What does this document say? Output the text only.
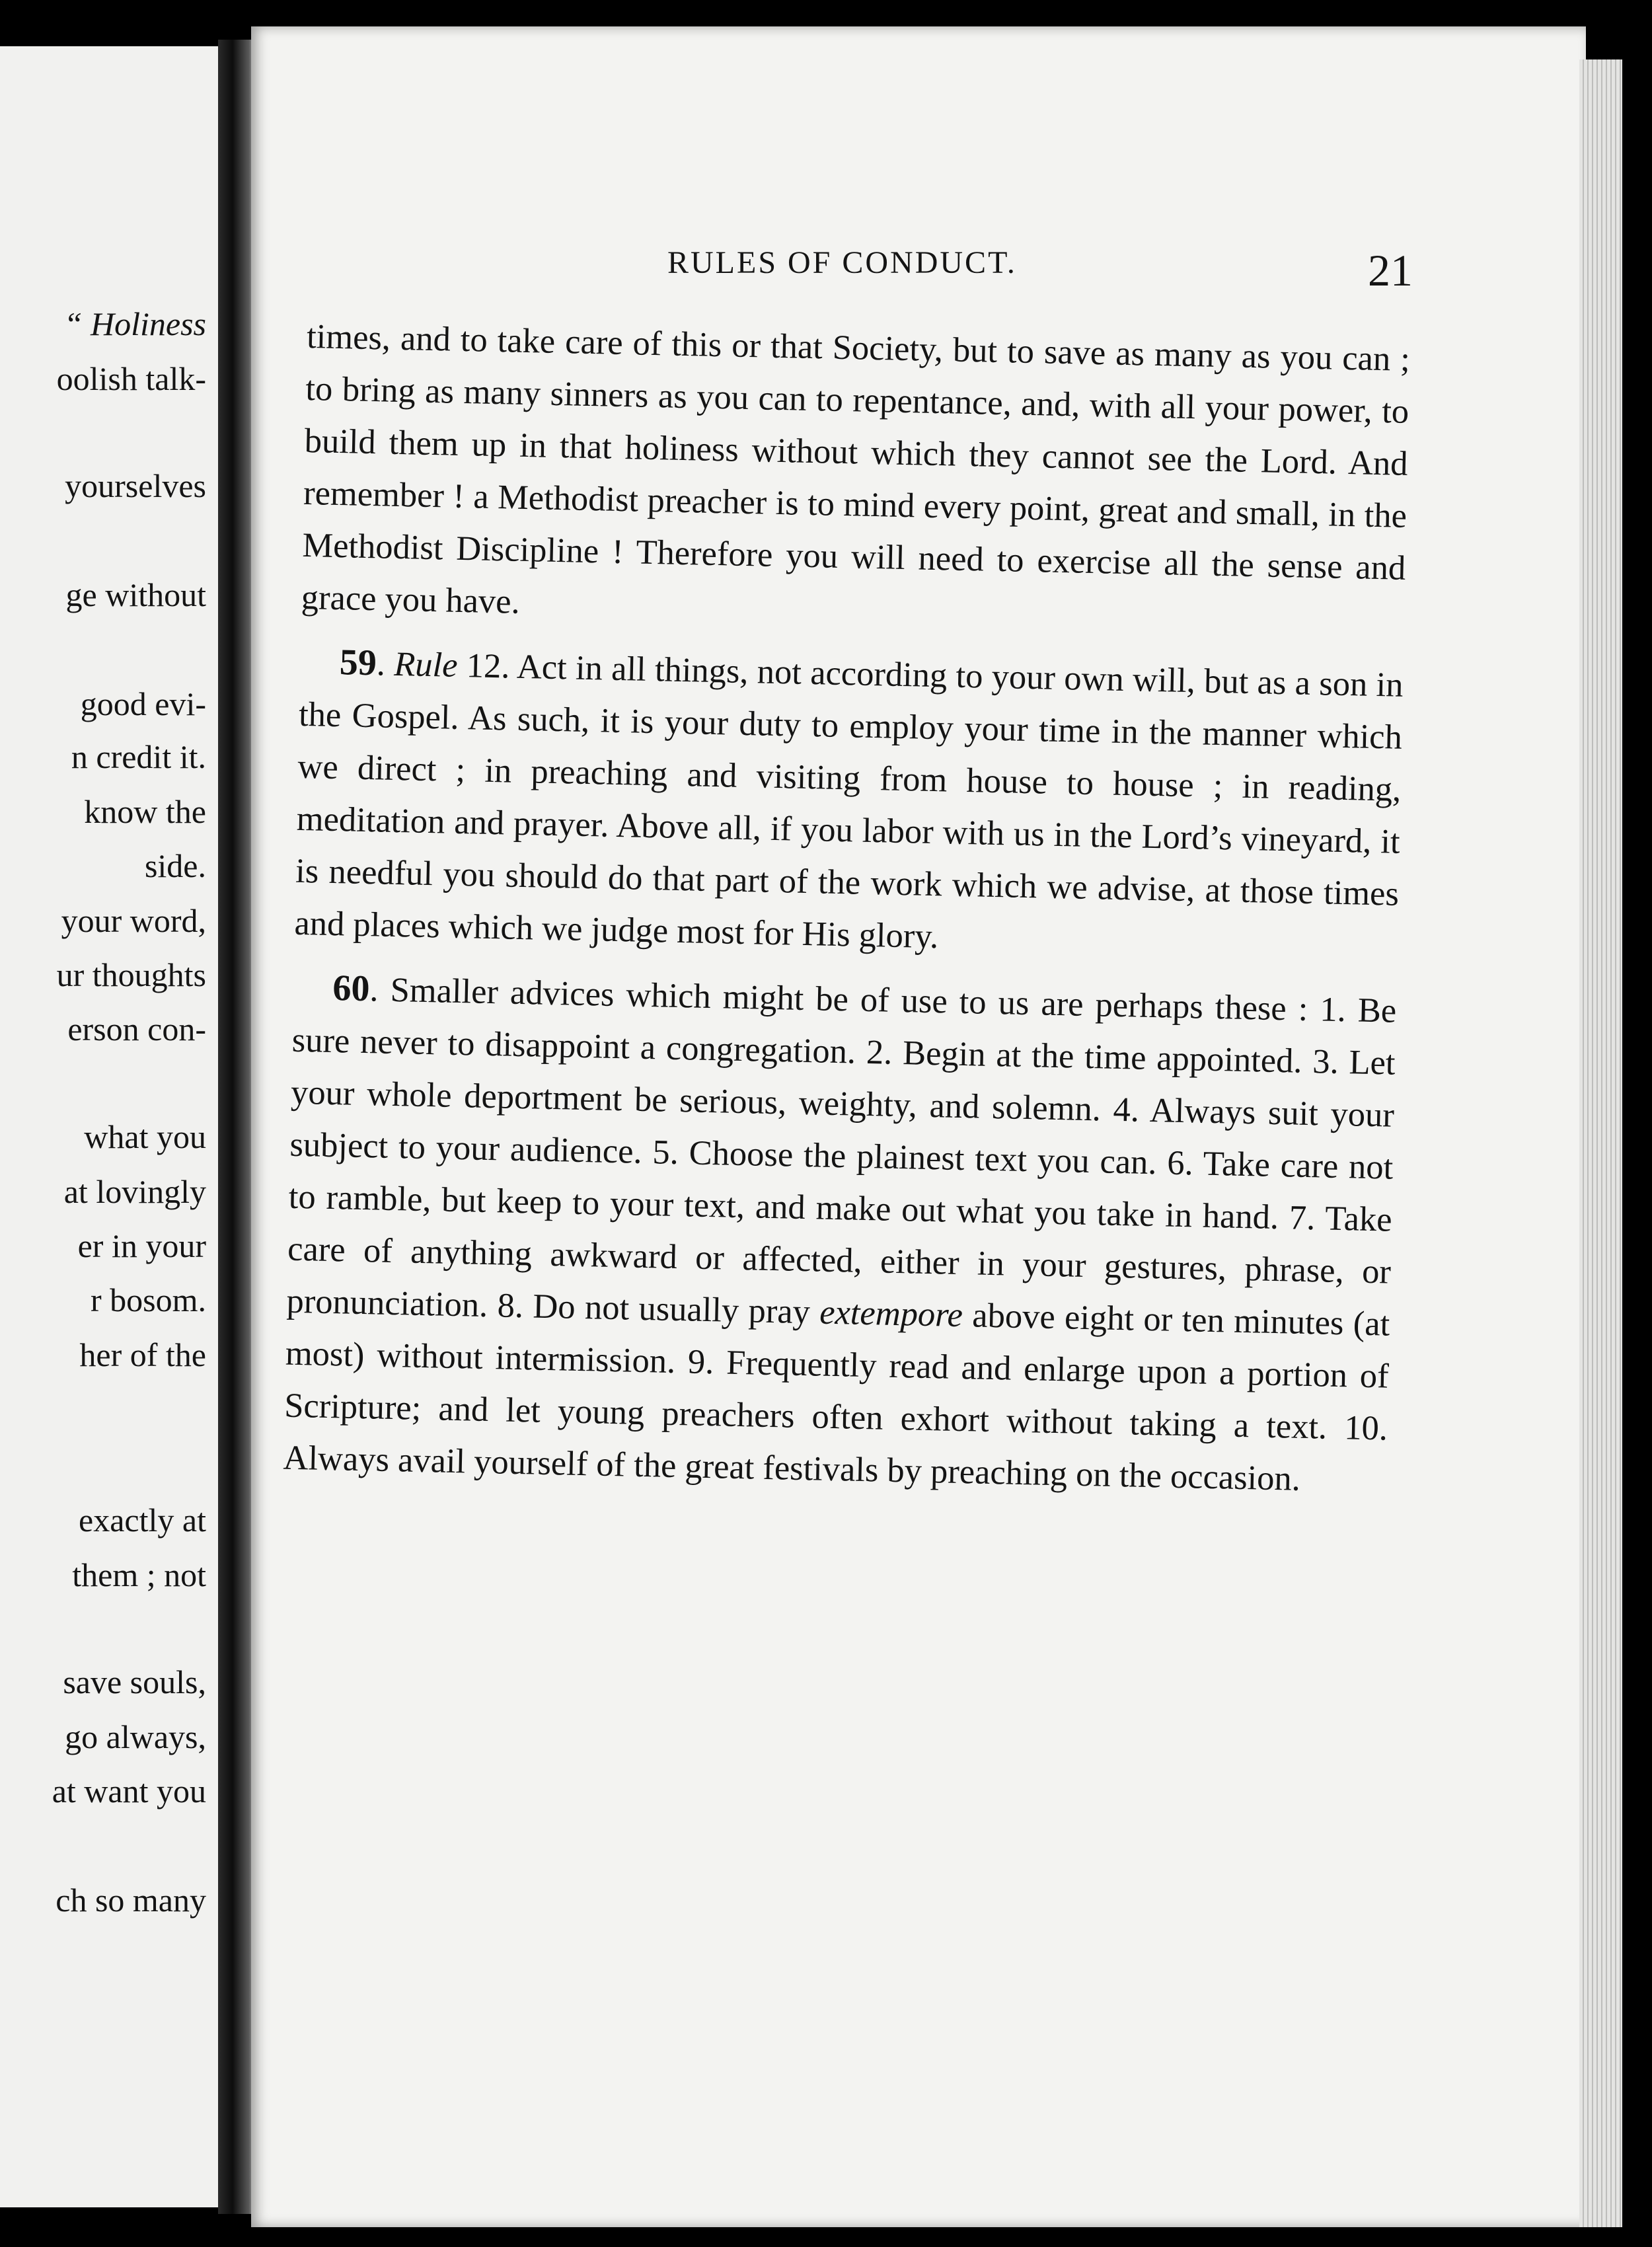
“ Holiness
oolish talk-
yourselves
ge without
good evi-
n credit it.
know the
side.
your word,
ur thoughts
erson con-
what you
at lovingly
er in your
r bosom.
her of the
exactly at
them ; not
save souls,
go always,
at want you
ch so many
RULES OF CONDUCT.	21

times, and to take care of this or that Society, but to save as many as you can ; to bring as many sinners as you can to repentance, and, with all your power, to build them up in that holiness without which they cannot see the Lord. And remember ! a Methodist preacher is to mind every point, great and small, in the Methodist Discipline ! Therefore you will need to exercise all the sense and grace you have.

59. Rule 12. Act in all things, not according to your own will, but as a son in the Gospel. As such, it is your duty to employ your time in the manner which we direct ; in preaching and visiting from house to house ; in reading, meditation and prayer. Above all, if you labor with us in the Lord’s vineyard, it is needful you should do that part of the work which we advise, at those times and places which we judge most for His glory.

60. Smaller advices which might be of use to us are perhaps these : 1. Be sure never to disappoint a congregation. 2. Begin at the time appointed. 3. Let your whole deportment be serious, weighty, and solemn. 4. Always suit your subject to your audience. 5. Choose the plainest text you can. 6. Take care not to ramble, but keep to your text, and make out what you take in hand. 7. Take care of anything awkward or affected, either in your gestures, phrase, or pronunciation. 8. Do not usually pray extempore above eight or ten minutes (at most) without intermission. 9. Frequently read and enlarge upon a portion of Scripture; and let young preachers often exhort without taking a text. 10. Always avail yourself of the great festivals by preaching on the occasion.
